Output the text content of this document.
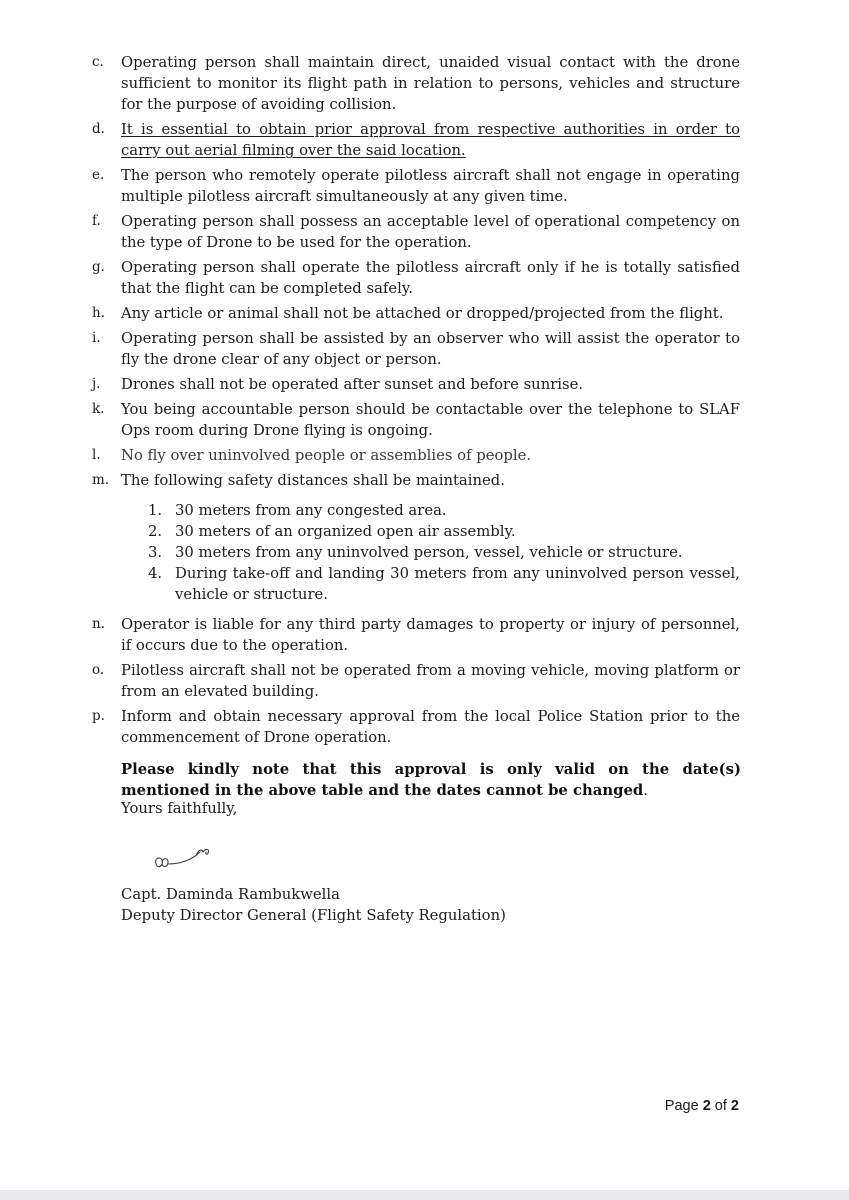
c. Operating person shall maintain direct, unaided visual contact with the drone sufficient to monitor its flight path in relation to persons, vehicles and structure for the purpose of avoiding collision.
d. It is essential to obtain prior approval from respective authorities in order to carry out aerial filming over the said location.
e. The person who remotely operate pilotless aircraft shall not engage in operating multiple pilotless aircraft simultaneously at any given time.
f. Operating person shall possess an acceptable level of operational competency on the type of Drone to be used for the operation.
g. Operating person shall operate the pilotless aircraft only if he is totally satisfied that the flight can be completed safely.
h. Any article or animal shall not be attached or dropped/projected from the flight.
i. Operating person shall be assisted by an observer who will assist the operator to fly the drone clear of any object or person.
j. Drones shall not be operated after sunset and before sunrise.
k. You being accountable person should be contactable over the telephone to SLAF Ops room during Drone flying is ongoing.
l. No fly over uninvolved people or assemblies of people.
m. The following safety distances shall be maintained.
1. 30 meters from any congested area.
2. 30 meters of an organized open air assembly.
3. 30 meters from any uninvolved person, vessel, vehicle or structure.
4. During take-off and landing 30 meters from any uninvolved person vessel, vehicle or structure.
n. Operator is liable for any third party damages to property or injury of personnel, if occurs due to the operation.
o. Pilotless aircraft shall not be operated from a moving vehicle, moving platform or from an elevated building.
p. Inform and obtain necessary approval from the local Police Station prior to the commencement of Drone operation.
Please kindly note that this approval is only valid on the date(s) mentioned in the above table and the dates cannot be changed.
Yours faithfully,
Capt. Daminda Rambukwella
Deputy Director General (Flight Safety Regulation)
Page 2 of 2
